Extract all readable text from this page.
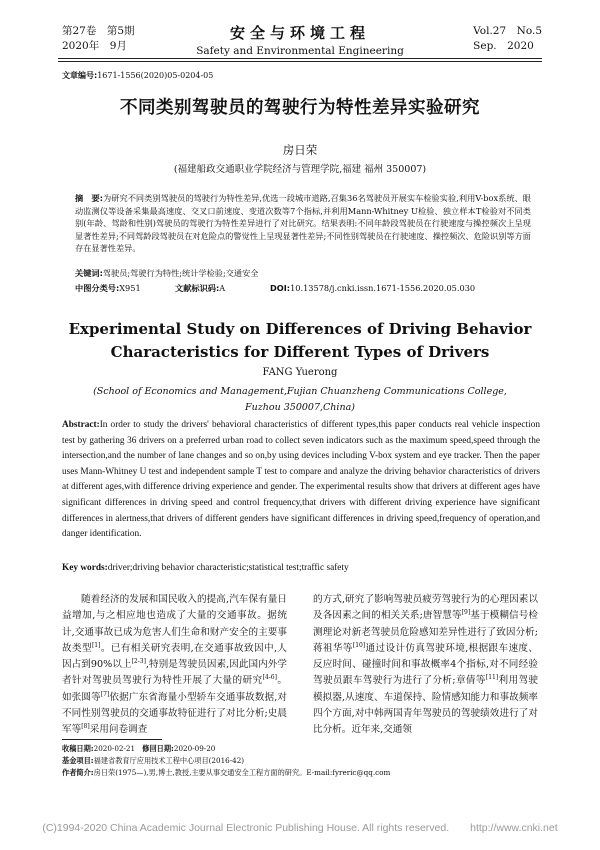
第27卷　第5期
2020年　9月
安全与环境工程
Safety and Environmental Engineering
Vol.27　No.5
Sep.　2020
文章编号:1671-1556(2020)05-0204-05
不同类别驾驶员的驾驶行为特性差异实验研究
房日荣
(福建船政交通职业学院经济与管理学院,福建 福州 350007)
摘　要:为研究不同类别驾驶员的驾驶行为特性差异,优选一段城市道路,召集36名驾驶员开展实车检验实验,利用V-box系统、眼动监测仪等设备采集最高速度、交叉口前速度、变道次数等7个指标,并利用Mann-Whitney U检验、独立样本T检验对不同类别(年龄、驾龄和性别)驾驶员的驾驶行为特性差异进行了对比研究。结果表明:不同年龄段驾驶员在行驶速度与操控频次上呈现显著性差异;不同驾龄段驾驶员在对危险点的警觉性上呈现显著性差异;不同性别驾驶员在行驶速度、操控频次、危险识别等方面存在显著性差异。
关键词:驾驶员;驾驶行为特性;统计学检验;交通安全
中图分类号:X951	文献标识码:A	DOI:10.13578/j.cnki.issn.1671-1556.2020.05.030
Experimental Study on Differences of Driving Behavior
Characteristics for Different Types of Drivers
FANG Yuerong
(School of Economics and Management,Fujian Chuanzheng Communications College,
Fuzhou 350007,China)
Abstract:In order to study the drivers' behavioral characteristics of different types,this paper conducts real vehicle inspection test by gathering 36 drivers on a preferred urban road to collect seven indicators such as the maximum speed,speed through the intersection,and the number of lane changes and so on,by using devices including V-box system and eye tracker. Then the paper uses Mann-Whitney U test and independent sample T test to compare and analyze the driving behavior characteristics of drivers at different ages,with difference driving experience and gender. The experimental results show that drivers at different ages have significant differences in driving speed and control frequency,that drivers with different driving experience have significant differences in alertness,that drivers of different genders have significant differences in driving speed,frequency of operation,and danger identification.
Key words:driver;driving behavior characteristic;statistical test;traffic safety
随着经济的发展和国民收入的提高,汽车保有量日益增加,与之相应地也造成了大量的交通事故。据统计,交通事故已成为危害人们生命和财产安全的主要事故类型[1]。已有相关研究表明,在交通事故致因中,人因占到90%以上[2-3],特别是驾驶员因素,因此国内外学者针对驾驶员驾驶行为特性开展了大量的研究[4-6]。如张圆等[7]依据广东省海量小型轿车交通事故数据,对不同性别驾驶员的交通事故特征进行了对比分析;史晨军等[8]采用问卷调查
的方式,研究了影响驾驶员疲劳驾驶行为的心理因素以及各因素之间的相关关系;唐智慧等[9]基于模糊信号检测理论对新老驾驶员危险感知差异性进行了致因分析;蒋祖华等[10]通过设计仿真驾驶环境,根据跟车速度、反应时间、碰撞时间和事故概率4个指标,对不同经验驾驶员跟车驾驶行为进行了分析;章倩等[11]利用驾驶模拟器,从速度、车道保持、险情感知能力和事故频率四个方面,对中韩两国青年驾驶员的驾驶绩效进行了对比分析。近年来,交通领
收稿日期:2020-02-21　 修回日期:2020-09-20
基金项目:福建省教育厅应用技术工程中心项目(2016-42)
作者简介:房日荣(1975—),男,博士,教授,主要从事交通安全工程方面的研究。E-mail:fyreric@qq.com
(C)1994-2020 China Academic Journal Electronic Publishing House. All rights reserved.　　http://www.cnki.net
